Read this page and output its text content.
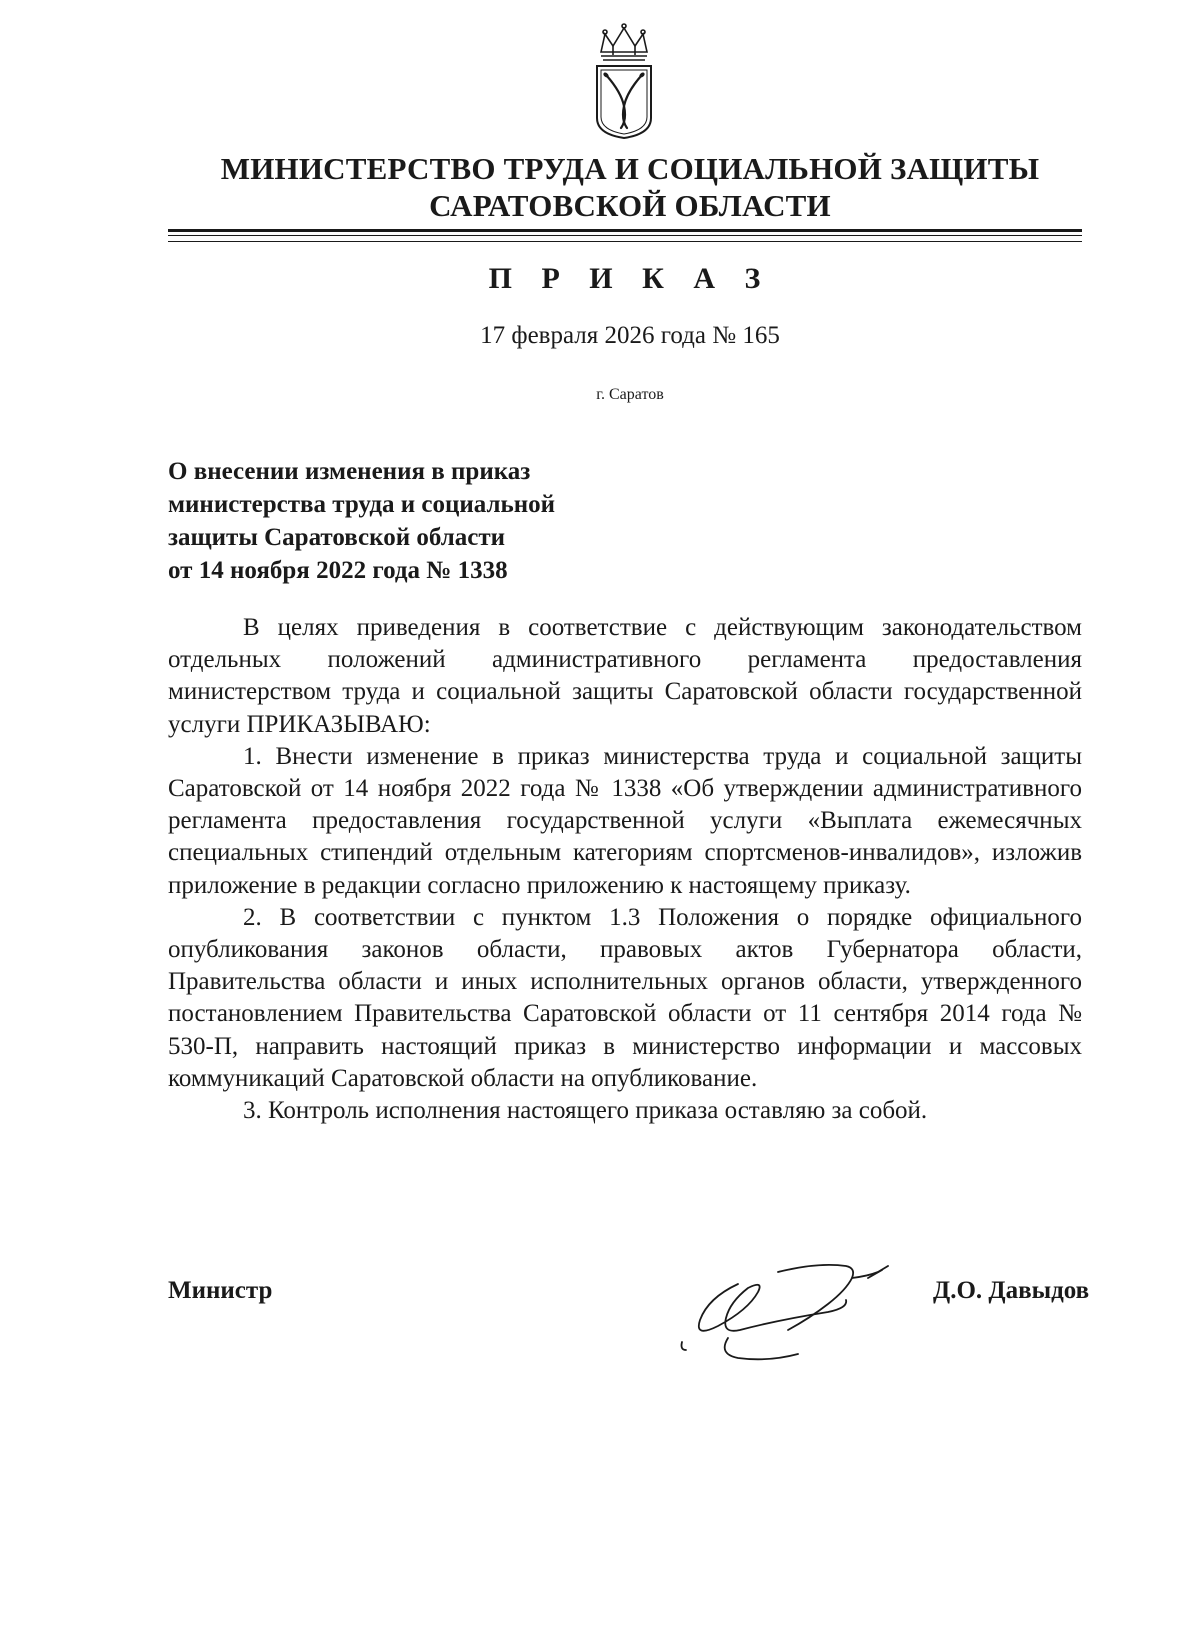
МИНИСТЕРСТВО ТРУДА И СОЦИАЛЬНОЙ ЗАЩИТЫ
САРАТОВСКОЙ ОБЛАСТИ
П Р И К А З
17 февраля 2026 года № 165
г. Саратов
О внесении изменения в приказ
министерства труда и социальной
защиты Саратовской области
от 14 ноября 2022 года № 1338

В целях приведения в соответствие с действующим законодательством отдельных положений административного регламента предоставления министерством труда и социальной защиты Саратовской области государственной услуги ПРИКАЗЫВАЮ:

1. Внести изменение в приказ министерства труда и социальной защиты Саратовской от 14 ноября 2022 года № 1338 «Об утверждении административного регламента предоставления государственной услуги «Выплата ежемесячных специальных стипендий отдельным категориям спортсменов-инвалидов», изложив приложение в редакции согласно приложению к настоящему приказу.

2. В соответствии с пунктом 1.3 Положения о порядке официального опубликования законов области, правовых актов Губернатора области, Правительства области и иных исполнительных органов области, утвержденного постановлением Правительства Саратовской области от 11 сентября 2014 года № 530-П, направить настоящий приказ в министерство информации и массовых коммуникаций Саратовской области на опубликование.

3. Контроль исполнения настоящего приказа оставляю за собой.

Министр	Д.О. Давыдов
